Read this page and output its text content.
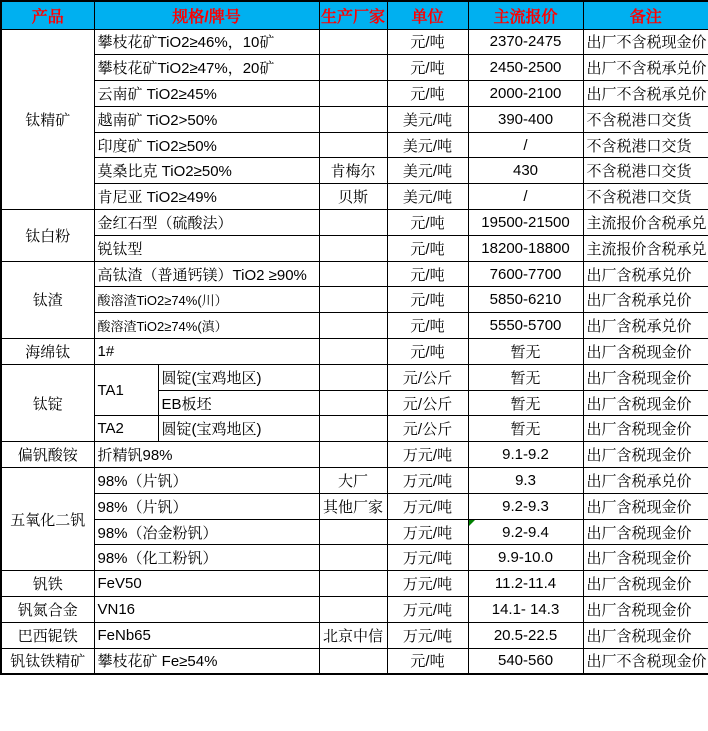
产品	规格/牌号		生产厂家	单位	主流报价	备注
钛精矿	攀枝花矿TiO2≥46%，10矿			元/吨	2370-2475	出厂不含税现金价
	攀枝花矿TiO2≥47%，20矿			元/吨	2450-2500	出厂不含税承兑价
	云南矿 TiO2≥45%			元/吨	2000-2100	出厂不含税承兑价
	越南矿 TiO2>50%			美元/吨	390-400	不含税港口交货
	印度矿 TiO2≥50%			美元/吨	/	不含税港口交货
	莫桑比克 TiO2≥50%		肯梅尔	美元/吨	430	不含税港口交货
	肯尼亚 TiO2≥49%		贝斯	美元/吨	/	不含税港口交货
钛白粉	金红石型（硫酸法）			元/吨	19500-21500	主流报价含税承兑
	锐钛型			元/吨	18200-18800	主流报价含税承兑
钛渣	高钛渣（普通钙镁）TiO2 ≥90%			元/吨	7600-7700	出厂含税承兑价
	酸溶渣TiO2≥74%(川）			元/吨	5850-6210	出厂含税承兑价
	酸溶渣TiO2≥74%(滇）			元/吨	5550-5700	出厂含税承兑价
海绵钛	1#			元/吨	暂无	出厂含税现金价
钛锭	TA1	圆锭(宝鸡地区)		元/公斤	暂无	出厂含税现金价
		EB板坯		元/公斤	暂无	出厂含税现金价
	TA2	圆锭(宝鸡地区)		元/公斤	暂无	出厂含税现金价
偏钒酸铵	折精钒98%			万元/吨	9.1-9.2	出厂含税现金价
五氧化二钒	98%（片钒）		大厂	万元/吨	9.3	出厂含税承兑价
	98%（片钒）		其他厂家	万元/吨	9.2-9.3	出厂含税现金价
	98%（冶金粉钒）			万元/吨	9.2-9.4	出厂含税现金价
	98%（化工粉钒）			万元/吨	9.9-10.0	出厂含税现金价
钒铁	FeV50			万元/吨	11.2-11.4	出厂含税现金价
钒氮合金	VN16			万元/吨	14.1- 14.3	出厂含税现金价
巴西铌铁	FeNb65		北京中信	万元/吨	20.5-22.5	出厂含税现金价
钒钛铁精矿	攀枝花矿 Fe≥54%			元/吨	540-560	出厂不含税现金价
